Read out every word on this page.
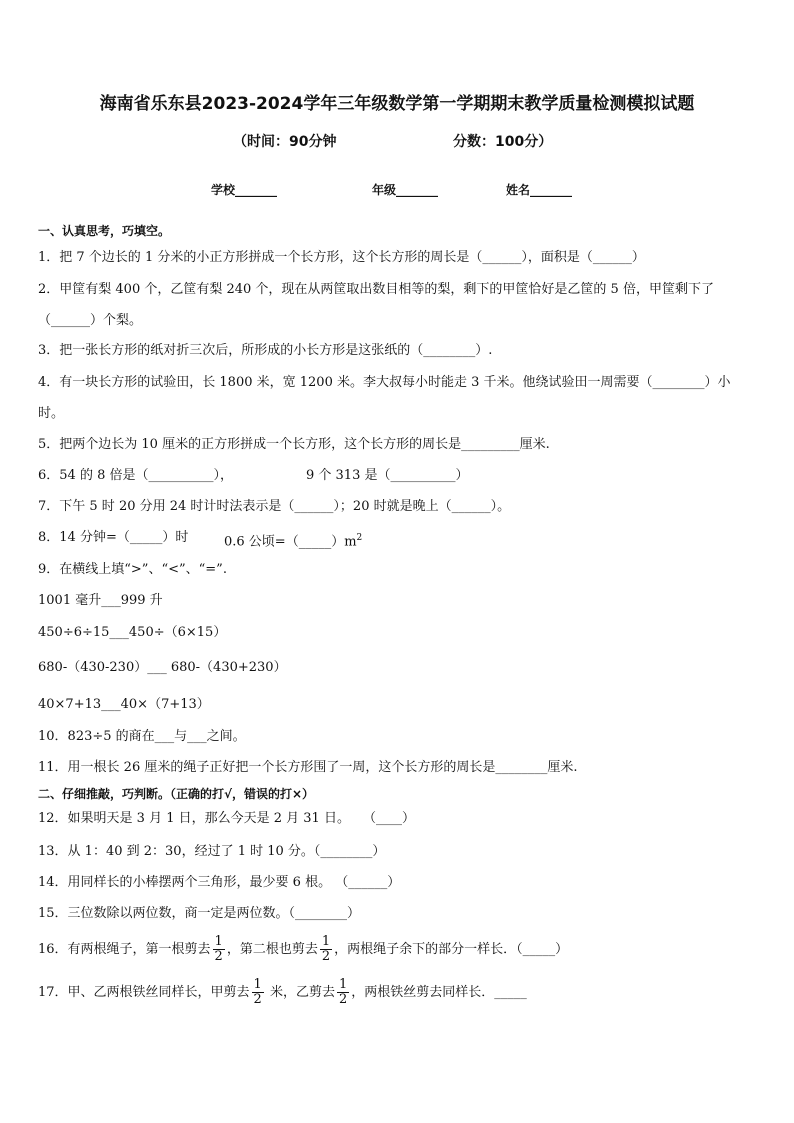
海南省乐东县2023-2024学年三年级数学第一学期期末教学质量检测模拟试题
（时间：90分钟	分数：100分）
学校_______	年级_______	姓名_______
一、认真思考，巧填空。
1．把 7 个边长的 1 分米的小正方形拼成一个长方形，这个长方形的周长是（______），面积是（______）
2．甲筐有梨 400 个，乙筐有梨 240 个，现在从两筐取出数目相等的梨，剩下的甲筐恰好是乙筐的 5 倍，甲筐剩下了
（______）个梨。
3．把一张长方形的纸对折三次后，所形成的小长方形是这张纸的（________）.
4．有一块长方形的试验田，长 1800 米，宽 1200 米。李大叔每小时能走 3 千米。他绕试验田一周需要（________）小
时。
5．把两个边长为 10 厘米的正方形拼成一个长方形，这个长方形的周长是_________厘米.
6．54 的 8 倍是（__________），	9 个 313 是（__________）
7．下午 5 时 20 分用 24 时计时法表示是（______）；20 时就是晚上（______）。
8．14 分钟=（_____）时	0.6 公顷$=(\_\_\_\_\_)m^2$
9．在横线上填“>”、“<”、“=”.
1001 毫升___999 升
450÷6÷15___450÷（6×15）
680-（430-230）___ 680-（430+230）
40×7+13___40×（7+13）
10．823÷5 的商在___与___之间。
11．用一根长 26 厘米的绳子正好把一个长方形围了一周，这个长方形的周长是________厘米.
二、仔细推敲，巧判断。（正确的打√，错误的打×）
12．如果明天是 3 月 1 日，那么今天是 2 月 31 日。　　（____）
13．从 1：40 到 2：30，经过了 1 时 10 分。（________）
14．用同样长的小棒摆两个三角形，最少要 6 根。 （______）
15．三位数除以两位数，商一定是两位数。（________）
16．有两根绳子，第一根剪去 $\frac{1}{2}$ ，第二根也剪去 $\frac{1}{2}$ ，两根绳子余下的部分一样长．（_____）
17．甲、乙两根铁丝同样长，甲剪去 $\frac{1}{2}$ 米，乙剪去 $\frac{1}{2}$ ，两根铁丝剪去同样长．_____
